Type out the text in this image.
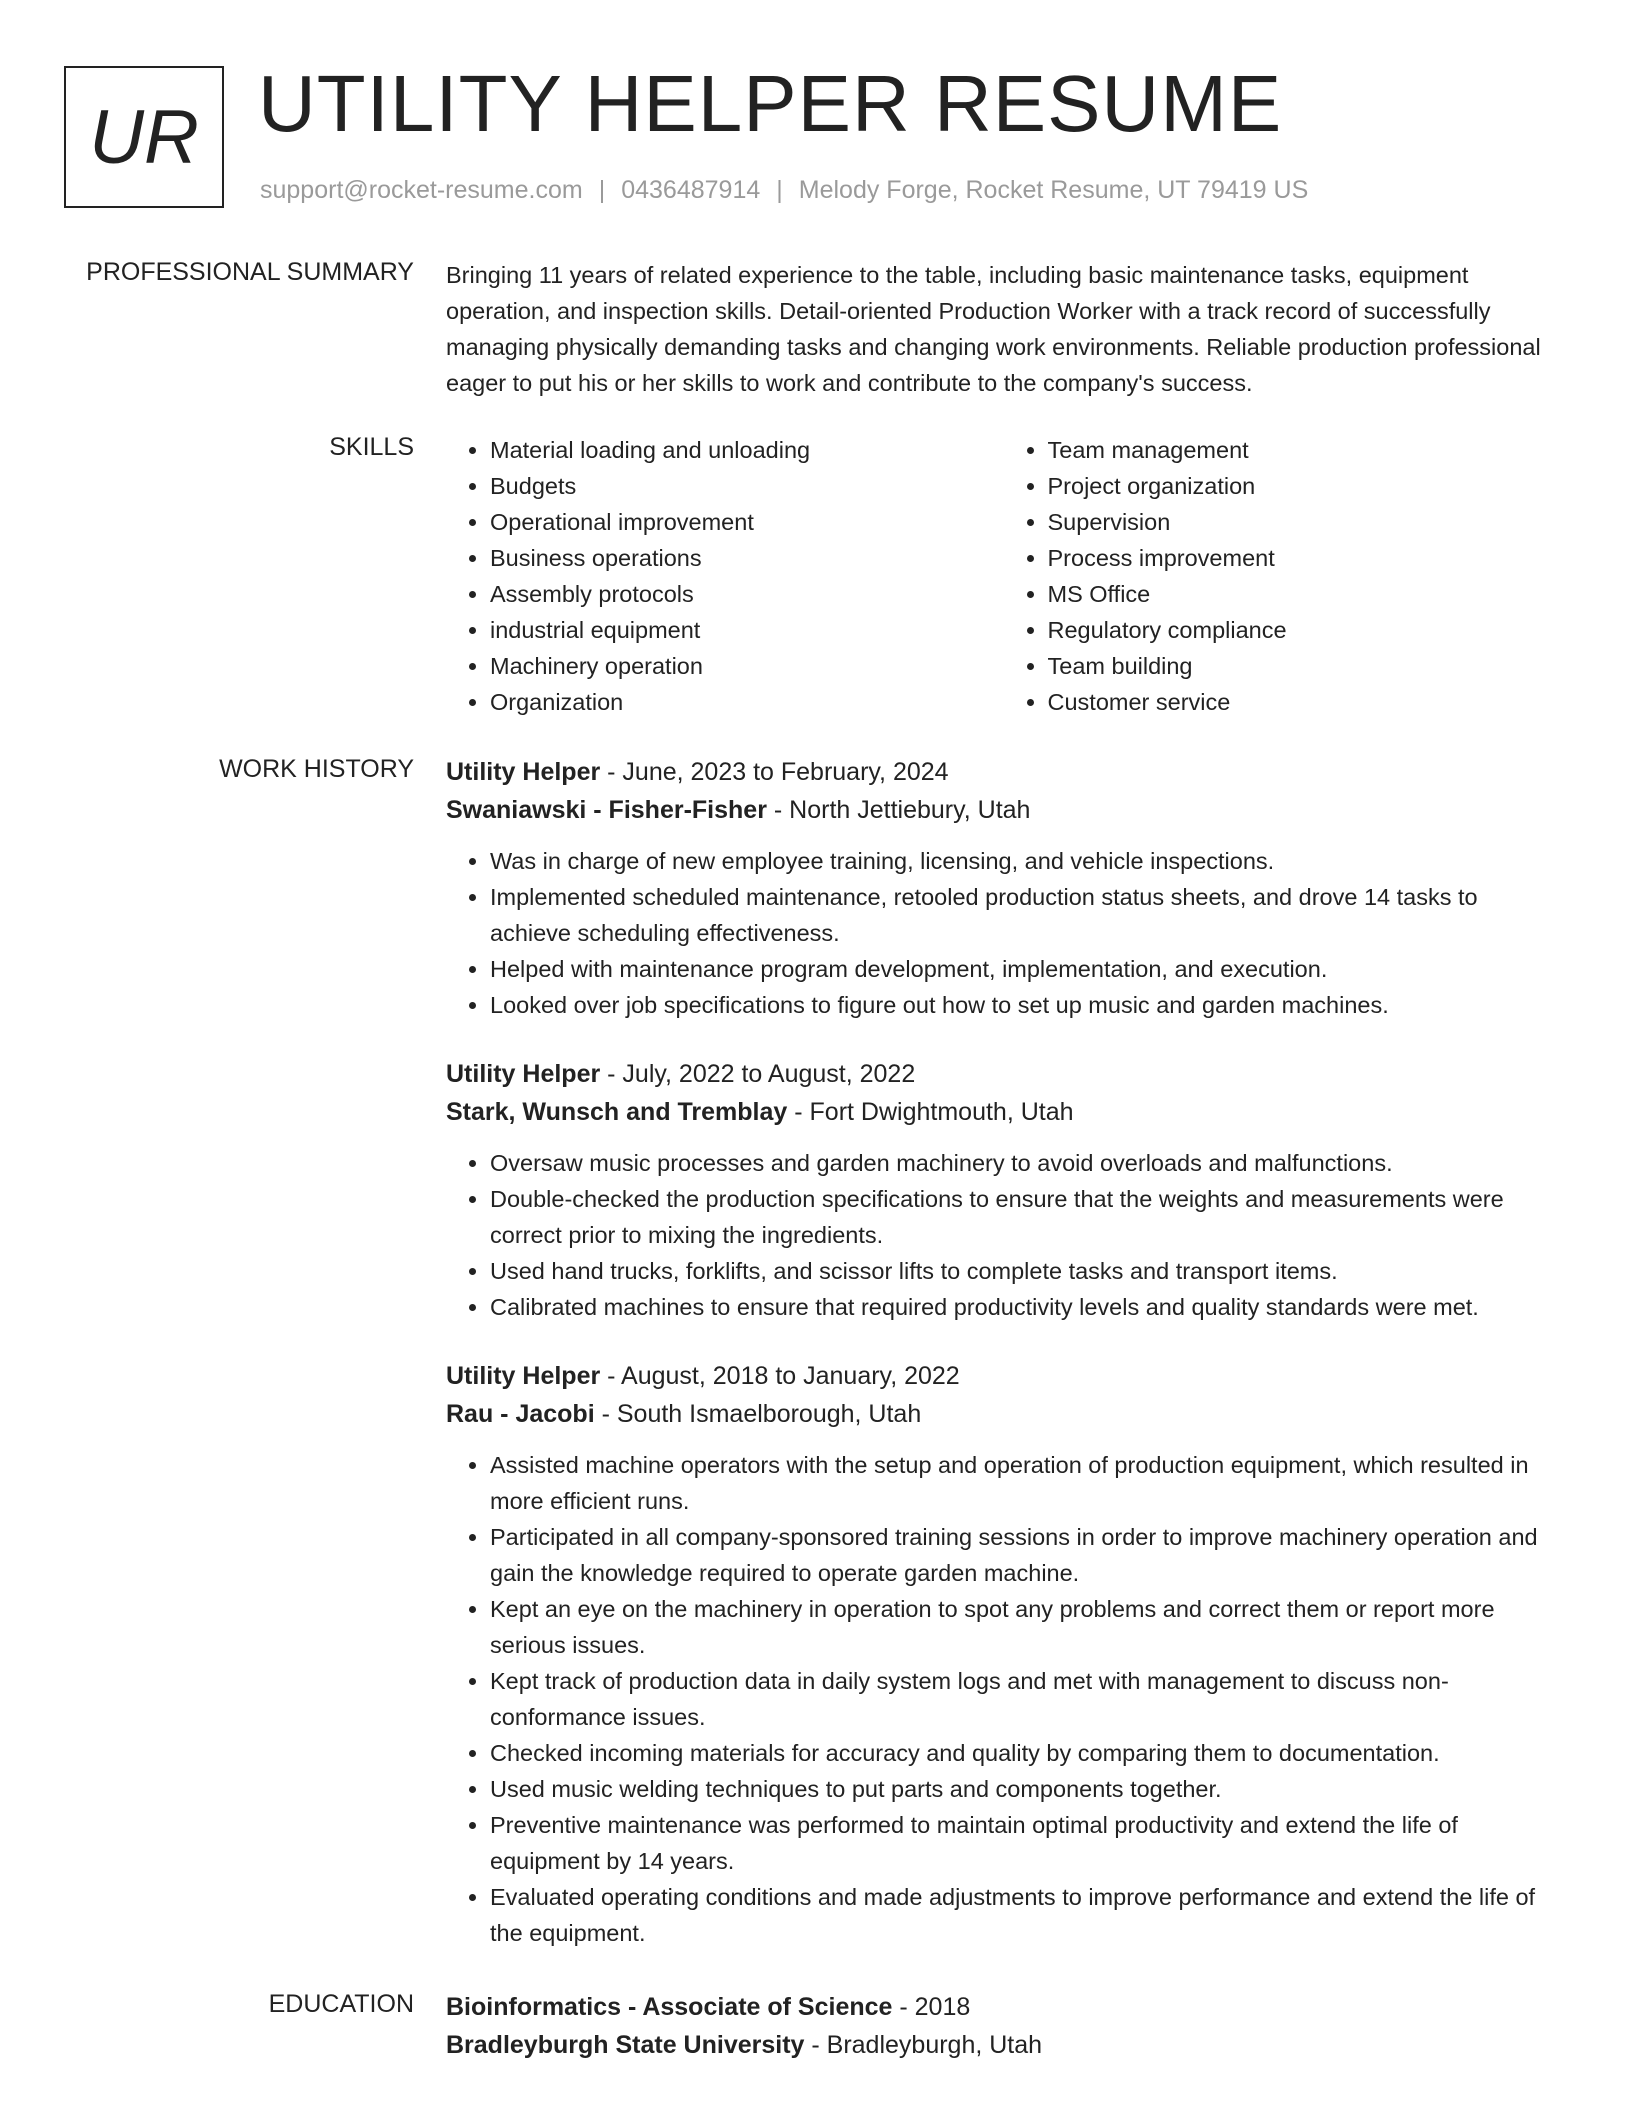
UR UTILITY HELPER RESUME
support@rocket-resume.com | 0436487914 | Melody Forge, Rocket Resume, UT 79419 US
PROFESSIONAL SUMMARY Bringing 11 years of related experience to the table, including basic maintenance tasks, equipment operation, and inspection skills. Detail-oriented Production Worker with a track record of successfully managing physically demanding tasks and changing work environments. Reliable production professional eager to put his or her skills to work and contribute to the company's success.

SKILLS
•	Material loading and unloading
• Budgets
• Operational improvement
• Business operations
• Assembly protocols
• industrial equipment
• Machinery operation
• Organization
• Team management
• Project organization
• Supervision
• Process improvement
• MS Office
• Regulatory compliance
• Team building
• Customer service
WORK HISTORY Utility Helper - June, 2023 to February, 2024
Swaniawski - Fisher-Fisher - North Jettiebury, Utah
• Was in charge of new employee training, licensing, and vehicle inspections.
• Implemented scheduled maintenance, retooled production status sheets, and drove 14 tasks to achieve scheduling effectiveness.
• Helped with maintenance program development, implementation, and execution.
• Looked over job specifications to figure out how to set up music and garden machines.
Utility Helper - July, 2022 to August, 2022
Stark, Wunsch and Tremblay - Fort Dwightmouth, Utah
• Oversaw music processes and garden machinery to avoid overloads and malfunctions.
• Double-checked the production specifications to ensure that the weights and measurements were correct prior to mixing the ingredients.
• Used hand trucks, forklifts, and scissor lifts to complete tasks and transport items.
• Calibrated machines to ensure that required productivity levels and quality standards were met.
Utility Helper - August, 2018 to January, 2022
Rau - Jacobi - South Ismaelborough, Utah
• Assisted machine operators with the setup and operation of production equipment, which resulted in more efficient runs.
• Participated in all company-sponsored training sessions in order to improve machinery operation and gain the knowledge required to operate garden machine.
• Kept an eye on the machinery in operation to spot any problems and correct them or report more serious issues.
• Kept track of production data in daily system logs and met with management to discuss non-conformance issues.
• Checked incoming materials for accuracy and quality by comparing them to documentation.
• Used music welding techniques to put parts and components together.
• Preventive maintenance was performed to maintain optimal productivity and extend the life of equipment by 14 years.
• Evaluated operating conditions and made adjustments to improve performance and extend the life of the equipment.
EDUCATION Bioinformatics - Associate of Science - 2018
Bradleyburgh State University - Bradleyburgh, Utah
